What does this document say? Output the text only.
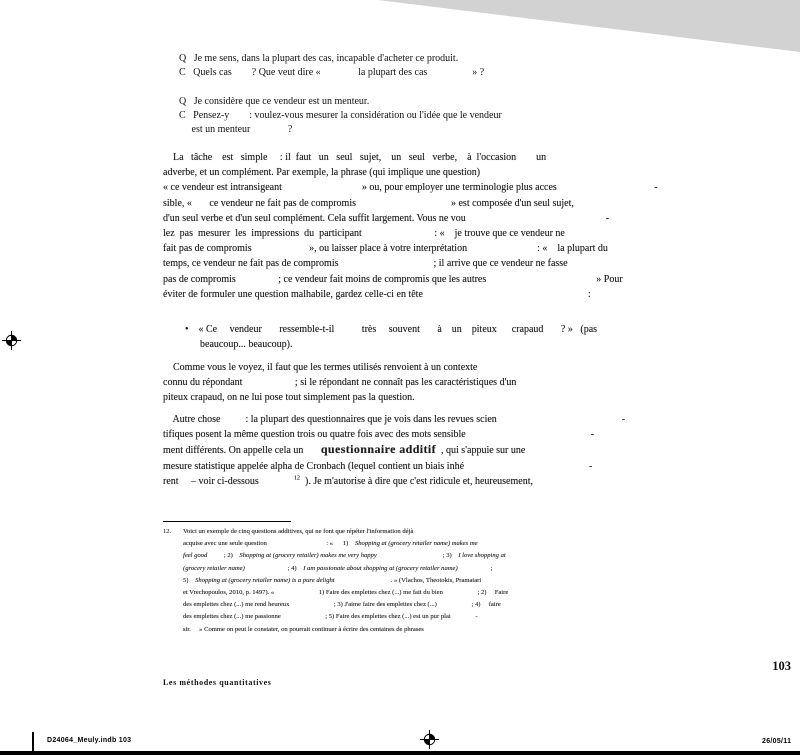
Q   Je me sens, dans la plupart des cas, incapable d'acheter ce produit.
C   Quels cas        ? Que veut dire «               la plupart des cas                  » ?

Q   Je considère que ce vendeur est un menteur.
C   Pensez-y        : voulez-vous mesurer la considération ou l'idée que le vendeur
est un menteur               ?
La   tâche    est   simple     : il  faut   un   seul   sujet,    un   seul   verbe,    à  l'occasion        un
adverbe, et un complément. Par exemple, la phrase (qui implique une question)
« ce vendeur est intransigeant                                » ou, pour employer une terminologie plus acces                                       -
sible, «       ce vendeur ne fait pas de compromis                                      » est composée d'un seul sujet,
d'un seul verbe et d'un seul complément. Cela suffit largement. Vous ne vou                                                        -
lez  pas  mesurer  les  impressions  du  participant                             : «    je trouve que ce vendeur ne
fait pas de compromis                       », ou laisser place à votre interprétation                            : «    la plupart du
temps, ce vendeur ne fait pas de compromis                                      ; il arrive que ce vendeur ne fasse
pas de compromis                 ; ce vendeur fait moins de compromis que les autres                                            » Pour
éviter de formuler une question malhabile, gardez celle-ci en tête                                                                  :
•    « Ce     vendeur       ressemble-t-il           très     souvent       à    un    piteux      crapaud       ? »   (pas
beaucoup... beaucoup).
Comme vous le voyez, il faut que les termes utilisés renvoient à un contexte
connu du répondant                     ; si le répondant ne connaît pas les caractéristiques d'un
piteux crapaud, on ne lui pose tout simplement pas la question.
Autre chose          : la plupart des questionnaires que je vois dans les revues scien                                                  -
tifiques posent la même question trois ou quatre fois avec des mots sensible                                                  -
ment différents. On appelle cela un       questionnaire additif  , qui s'appuie sur une
mesure statistique appelée alpha de Cronbach (lequel contient un biais inhé                                                  -
rent     – voir ci-dessous              $^{12}$  ). Je m'autorise à dire que c'est ridicule et, heureusement,
12. Voici un exemple de cinq questions additives, qui ne font que répéter l'information déjà
acquise avec une seule question                                    : «      1)    Shopping at (grocery retailer name) makes me
feel good          ; 2)    Shopping at (grocery retailer) makes me very happy                                        ; 3)    I love shopping at
(grocery retailer name)                          ; 4)    I am passionate about shopping at (grocery retailer name)                    ;
5)    Shopping at (grocery retailer name) is a pure delight                                  . » (Vlachos, Theotokis, Pramatari
et Vrechopoulos, 2010, p. 1497). «                           1) Faire des emplettes chez (...) me fait du bien                     ; 2)     Faire
des emplettes chez (...) me rend heureux                           ; 3) J'aime faire des emplettes chez (...)                     ; 4)     faire
des emplettes chez (...) me passionne                           ; 5) Faire des emplettes chez (...) est un pur plai               -
sir.     » Comme on peut le constater, on pourrait continuer à écrire des centaines de phrases
103
Les méthodes quantitatives
D24064_Meuly.indb 103	26/05/11
